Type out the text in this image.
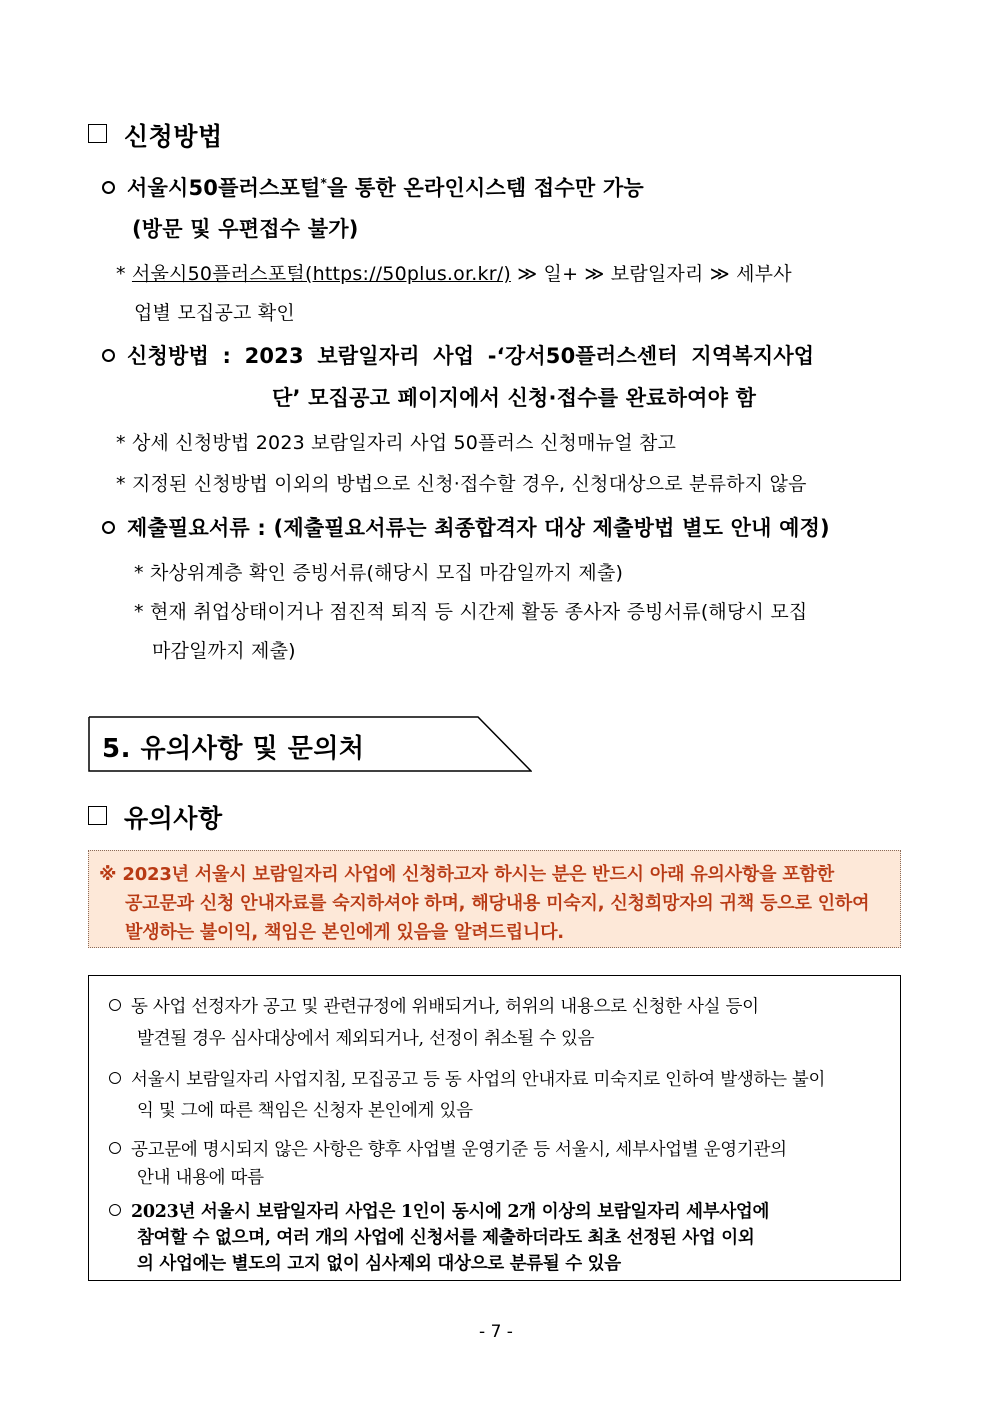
신청방법
서울시50플러스포털*을 통한 온라인시스템 접수만 가능
(방문 및 우편접수 불가)
* 서울시50플러스포털(https://50plus.or.kr/) ≫ 일+ ≫ 보람일자리 ≫ 세부사
업별 모집공고 확인
신청방법 : 2023 보람일자리 사업 -‘강서50플러스센터 지역복지사업
단’ 모집공고 페이지에서 신청·접수를 완료하여야 함
* 상세 신청방법 2023 보람일자리 사업 50플러스 신청매뉴얼 참고
* 지정된 신청방법 이외의 방법으로 신청·접수할 경우, 신청대상으로 분류하지 않음
제출필요서류 : (제출필요서류는 최종합격자 대상 제출방법 별도 안내 예정)
* 차상위계층 확인 증빙서류(해당시 모집 마감일까지 제출)
* 현재 취업상태이거나 점진적 퇴직 등 시간제 활동 종사자 증빙서류(해당시 모집
마감일까지 제출)
5. 유의사항 및 문의처
유의사항
※ 2023년 서울시 보람일자리 사업에 신청하고자 하시는 분은 반드시 아래 유의사항을 포함한
공고문과 신청 안내자료를 숙지하셔야 하며, 해당내용 미숙지, 신청희망자의 귀책 등으로 인하여
발생하는 불이익, 책임은 본인에게 있음을 알려드립니다.
동 사업 선정자가 공고 및 관련규정에 위배되거나, 허위의 내용으로 신청한 사실 등이
발견될 경우 심사대상에서 제외되거나, 선정이 취소될 수 있음
서울시 보람일자리 사업지침, 모집공고 등 동 사업의 안내자료 미숙지로 인하여 발생하는 불이
익 및 그에 따른 책임은 신청자 본인에게 있음
공고문에 명시되지 않은 사항은 향후 사업별 운영기준 등 서울시, 세부사업별 운영기관의
안내 내용에 따름
2023년 서울시 보람일자리 사업은 1인이 동시에 2개 이상의 보람일자리 세부사업에
참여할 수 없으며, 여러 개의 사업에 신청서를 제출하더라도 최초 선정된 사업 이외
의 사업에는 별도의 고지 없이 심사제외 대상으로 분류될 수 있음
- 7 -
